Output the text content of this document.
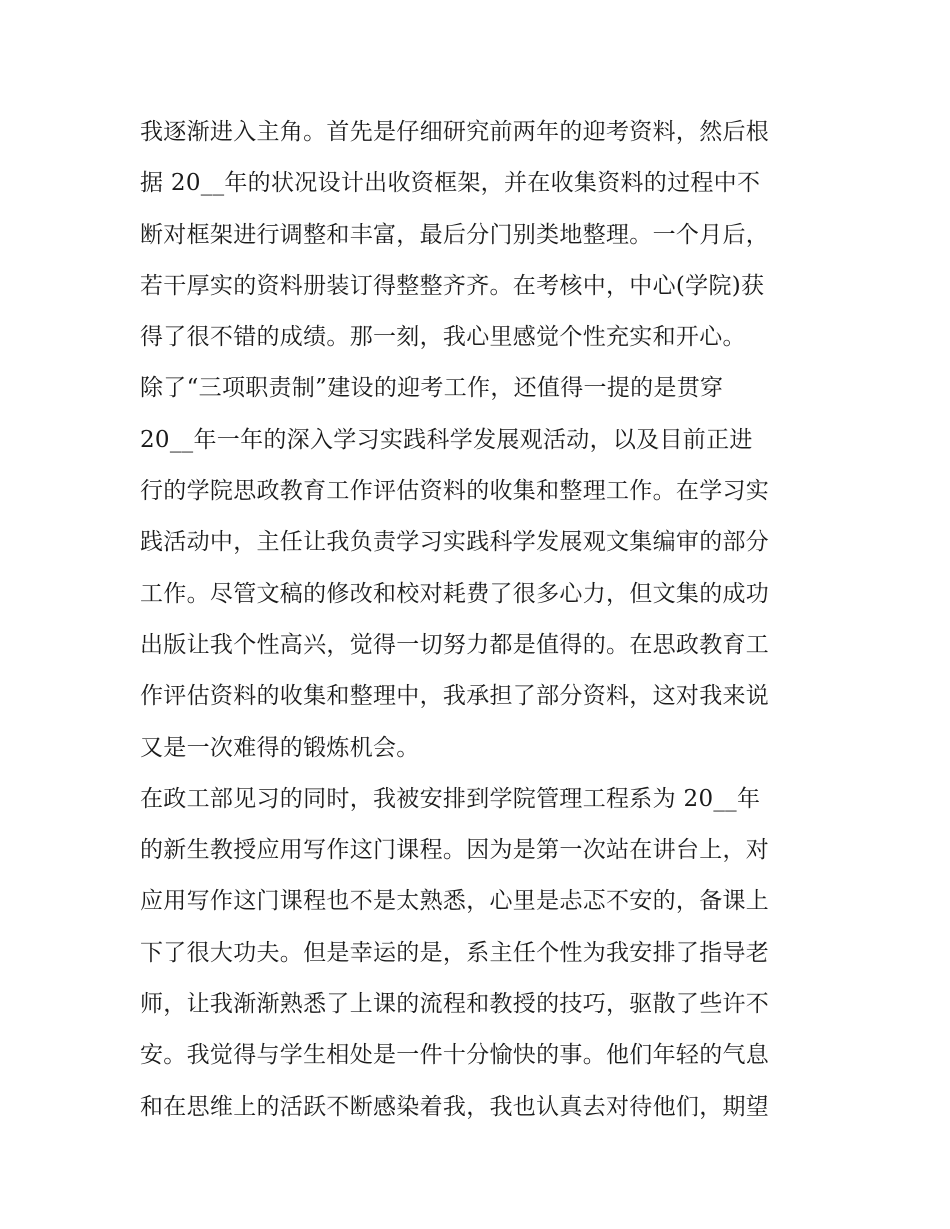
我逐渐进入主角。首先是仔细研究前两年的迎考资料，然后根
据 20__年的状况设计出收资框架，并在收集资料的过程中不
断对框架进行调整和丰富，最后分门别类地整理。一个月后，
若干厚实的资料册装订得整整齐齐。在考核中，中心(学院)获
得了很不错的成绩。那一刻，我心里感觉个性充实和开心。
除了“三项职责制”建设的迎考工作，还值得一提的是贯穿
20__年一年的深入学习实践科学发展观活动，以及目前正进
行的学院思政教育工作评估资料的收集和整理工作。在学习实
践活动中，主任让我负责学习实践科学发展观文集编审的部分
工作。尽管文稿的修改和校对耗费了很多心力，但文集的成功
出版让我个性高兴，觉得一切努力都是值得的。在思政教育工
作评估资料的收集和整理中，我承担了部分资料，这对我来说
又是一次难得的锻炼机会。
在政工部见习的同时，我被安排到学院管理工程系为 20__年
的新生教授应用写作这门课程。因为是第一次站在讲台上，对
应用写作这门课程也不是太熟悉，心里是忐忑不安的，备课上
下了很大功夫。但是幸运的是，系主任个性为我安排了指导老
师，让我渐渐熟悉了上课的流程和教授的技巧，驱散了些许不
安。我觉得与学生相处是一件十分愉快的事。他们年轻的气息
和在思维上的活跃不断感染着我，我也认真去对待他们，期望
